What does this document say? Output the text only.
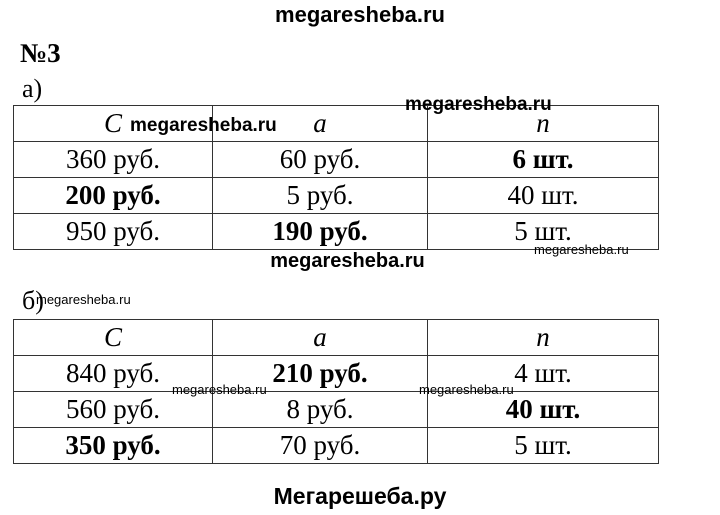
megaresheba.ru
№3
а)
C	a	n
360 руб.	60 руб.	6 шт.
200 руб.	5 руб.	40 шт.
950 руб.	190 руб.	5 шт.
megaresheba.ru
megaresheba.ru
megaresheba.ru
megaresheba.ru
б)
megaresheba.ru
C	a	n
840 руб.	210 руб.	4 шт.
560 руб.	8 руб.	40 шт.
350 руб.	70 руб.	5 шт.
megaresheba.ru	megaresheba.ru
Мегарешеба.ру
